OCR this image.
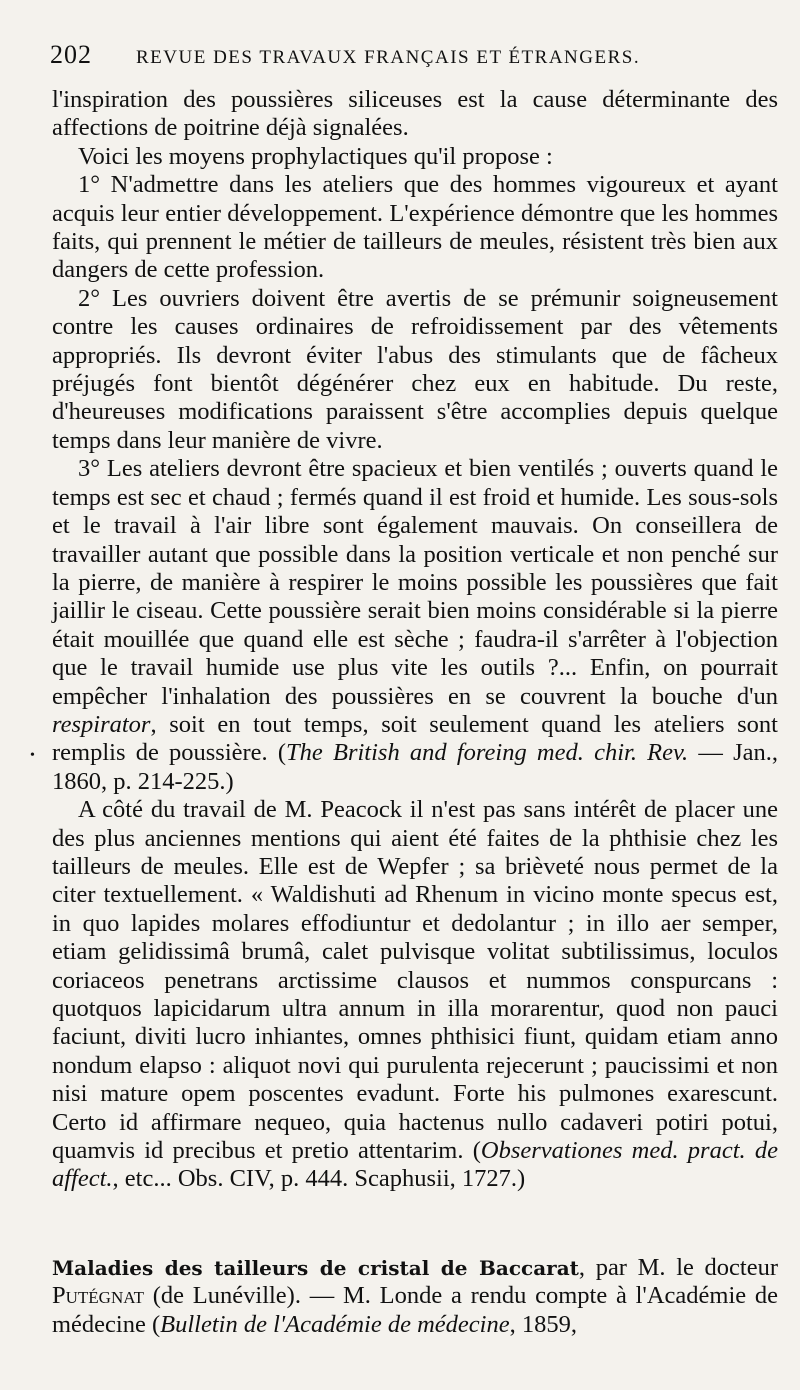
202 REVUE DES TRAVAUX FRANÇAIS ET ÉTRANGERS.
•

l'inspiration des poussières siliceuses est la cause déterminante des affections de poitrine déjà signalées.

Voici les moyens prophylactiques qu'il propose :

1° N'admettre dans les ateliers que des hommes vigoureux et ayant acquis leur entier développement. L'expérience démontre que les hommes faits, qui prennent le métier de tailleurs de meules, résistent très bien aux dangers de cette profession.

2° Les ouvriers doivent être avertis de se prémunir soigneusement contre les causes ordinaires de refroidissement par des vêtements appropriés. Ils devront éviter l'abus des stimulants que de fâcheux préjugés font bientôt dégénérer chez eux en habitude. Du reste, d'heureuses modifications paraissent s'être accomplies depuis quelque temps dans leur manière de vivre.

3° Les ateliers devront être spacieux et bien ventilés ; ouverts quand le temps est sec et chaud ; fermés quand il est froid et humide. Les sous-sols et le travail à l'air libre sont également mauvais. On conseillera de travailler autant que possible dans la position verticale et non penché sur la pierre, de manière à respirer le moins possible les poussières que fait jaillir le ciseau. Cette poussière serait bien moins considérable si la pierre était mouillée que quand elle est sèche ; faudra-il s'arrêter à l'objection que le travail humide use plus vite les outils ?... Enfin, on pourrait empêcher l'inhalation des poussières en se couvrent la bouche d'un respirator, soit en tout temps, soit seulement quand les ateliers sont remplis de poussière. (The British and foreing med. chir. Rev. — Jan., 1860, p. 214-225.)

A côté du travail de M. Peacock il n'est pas sans intérêt de placer une des plus anciennes mentions qui aient été faites de la phthisie chez les tailleurs de meules. Elle est de Wepfer ; sa brièveté nous permet de la citer textuellement. « Waldishuti ad Rhenum in vicino monte specus est, in quo lapides molares effodiuntur et dedolantur ; in illo aer semper, etiam gelidissimâ brumâ, calet pulvisque volitat subtilissimus, loculos coriaceos penetrans arctissime clausos et nummos conspurcans : quotquos lapicidarum ultra annum in illa morarentur, quod non pauci faciunt, diviti lucro inhiantes, omnes phthisici fiunt, quidam etiam anno nondum elapso : aliquot novi qui purulenta rejecerunt ; paucissimi et non nisi mature opem poscentes evadunt. Forte his pulmones exarescunt. Certo id affirmare nequeo, quia hactenus nullo cadaveri potiri potui, quamvis id precibus et pretio attentarim. (Observationes med. pract. de affect., etc... Obs. CIV, p. 444. Scaphusii, 1727.)

Maladies des tailleurs de cristal de Baccarat, par M. le docteur Putégnat (de Lunéville). — M. Londe a rendu compte à l'Académie de médecine (Bulletin de l'Académie de médecine, 1859,
